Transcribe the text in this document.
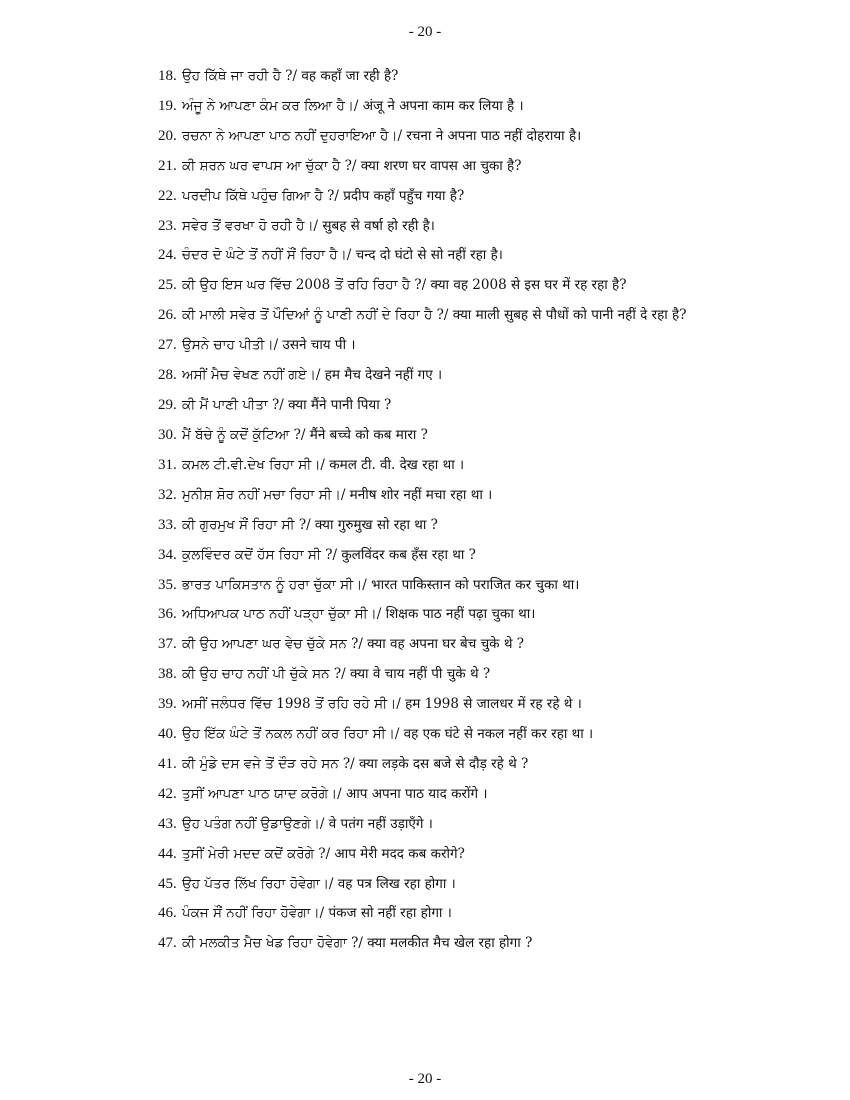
- 20 -
18. ਉਹ ਕਿੱਥੇ ਜਾ ਰਹੀ ਹੈ ?/ वह कहाँ जा रही है?
19. ਅੰਜੂ ਨੇ ਆਪਣਾ ਕੰਮ ਕਰ ਲਿਆ ਹੈ।/ अंजू ने अपना काम कर लिया है ।
20. ਰਚਨਾ ਨੇ ਆਪਣਾ ਪਾਠ ਨਹੀਂ ਦੁਹਰਾਇਆ ਹੈ।/ रचना ने अपना पाठ नहीं दोहराया है।
21. ਕੀ ਸ਼ਰਨ ਘਰ ਵਾਪਸ ਆ ਚੁੱਕਾ ਹੈ ?/ क्या शरण घर वापस आ चुका है?
22. ਪਰਦੀਪ ਕਿੱਥੇ ਪਹੁੰਚ ਗਿਆ ਹੈ ?/ प्रदीप कहाँ पहुँच गया है?
23. ਸਵੇਰ ਤੋਂ ਵਰਖਾ ਹੋ ਰਹੀ ਹੈ।/ सुबह से वर्षा हो रही है।
24. ਚੰਦਰ ਦੋ ਘੰਟੇ ਤੋਂ ਨਹੀਂ ਸੌਂ ਰਿਹਾ ਹੈ।/ चन्द दो घंटो से सो नहीं रहा है।
25. ਕੀ ਉਹ ਇਸ ਘਰ ਵਿੱਚ 2008 ਤੋਂ ਰਹਿ ਰਿਹਾ ਹੈ ?/ क्या वह 2008 से इस घर में रह रहा है?
26. ਕੀ ਮਾਲੀ ਸਵੇਰ ਤੋਂ ਪੌਦਿਆਂ ਨੂੰ ਪਾਣੀ ਨਹੀਂ ਦੇ ਰਿਹਾ ਹੈ ?/ क्या माली सुबह से पौधों को पानी नहीं दे रहा है?
27. ਉਸਨੇ ਚਾਹ ਪੀਤੀ।/ उसने चाय पी ।
28. ਅਸੀਂ ਮੈਚ ਵੇਖਣ ਨਹੀਂ ਗਏ।/ हम मैच देखने नहीं गए ।
29. ਕੀ ਮੈਂ ਪਾਣੀ ਪੀਤਾ ?/ क्या मैंने पानी पिया ?
30. ਮੈਂ ਬੱਚੇ ਨੂੰ ਕਦੋਂ ਕੁੱਟਿਆ ?/ मैंने बच्चे को कब मारा ?
31. ਕਮਲ ਟੀ.ਵੀ.ਦੇਖ ਰਿਹਾ ਸੀ।/ कमल टी. वी. देख रहा था ।
32. ਮੁਨੀਸ਼ ਸ਼ੋਰ ਨਹੀਂ ਮਚਾ ਰਿਹਾ ਸੀ।/ मनीष शोर नहीं मचा रहा था ।
33. ਕੀ ਗੁਰਮੁਖ ਸੌਂ ਰਿਹਾ ਸੀ ?/ क्या गुरुमुख सो रहा था ?
34. ਕੁਲਵਿੰਦਰ ਕਦੋਂ ਹੱਸ ਰਿਹਾ ਸੀ ?/ कुलविंदर कब हँस रहा था ?
35. ਭਾਰਤ ਪਾਕਿਸਤਾਨ ਨੂੰ ਹਰਾ ਚੁੱਕਾ ਸੀ।/ भारत पाकिस्तान को पराजित कर चुका था।
36. ਅਧਿਆਪਕ ਪਾਠ ਨਹੀਂ ਪੜ੍ਹਾ ਚੁੱਕਾ ਸੀ।/ शिक्षक पाठ नहीं पढ़ा चुका था।
37. ਕੀ ਉਹ ਆਪਣਾ ਘਰ ਵੇਚ ਚੁੱਕੇ ਸਨ ?/ क्या वह अपना घर बेच चुके थे ?
38. ਕੀ ਉਹ ਚਾਹ ਨਹੀਂ ਪੀ ਚੁੱਕੇ ਸਨ ?/ क्या वे चाय नहीं पी चुके थे ?
39. ਅਸੀਂ ਜਲੰਧਰ ਵਿੱਚ 1998 ਤੋਂ ਰਹਿ ਰਹੇ ਸੀ।/ हम 1998 से जालधर में रह रहे थे ।
40. ਉਹ ਇੱਕ ਘੰਟੇ ਤੋਂ ਨਕਲ ਨਹੀਂ ਕਰ ਰਿਹਾ ਸੀ।/ वह एक घंटे से नकल नहीं कर रहा था ।
41. ਕੀ ਮੁੰਡੇ ਦਸ ਵਜੇ ਤੋਂ ਦੌੜ ਰਹੇ ਸਨ ?/ क्या लड़के दस बजे से दौड़ रहे थे ?
42. ਤੁਸੀਂ ਆਪਣਾ ਪਾਠ ਯਾਦ ਕਰੋਗੇ।/ आप अपना पाठ याद करोंगे ।
43. ਉਹ ਪਤੰਗ ਨਹੀਂ ਉਡਾਉਣਗੇ।/ वे पतंग नहीं उड़ाएँगे ।
44. ਤੁਸੀਂ ਮੇਰੀ ਮਦਦ ਕਦੋਂ ਕਰੋਗੇ ?/ आप मेरी मदद कब करोगे?
45. ਉਹ ਪੱਤਰ ਲਿੱਖ ਰਿਹਾ ਹੋਵੇਗਾ।/ वह पत्र लिख रहा होगा ।
46. ਪੰਕਜ ਸੌਂ ਨਹੀਂ ਰਿਹਾ ਹੋਵੇਗਾ।/ पंकज सो नहीं रहा होगा ।
47. ਕੀ ਮਲਕੀਤ ਮੈਚ ਖੇਡ ਰਿਹਾ ਹੋਵੇਗਾ ?/ क्या मलकीत मैच खेल रहा होगा ?
- 20 -
